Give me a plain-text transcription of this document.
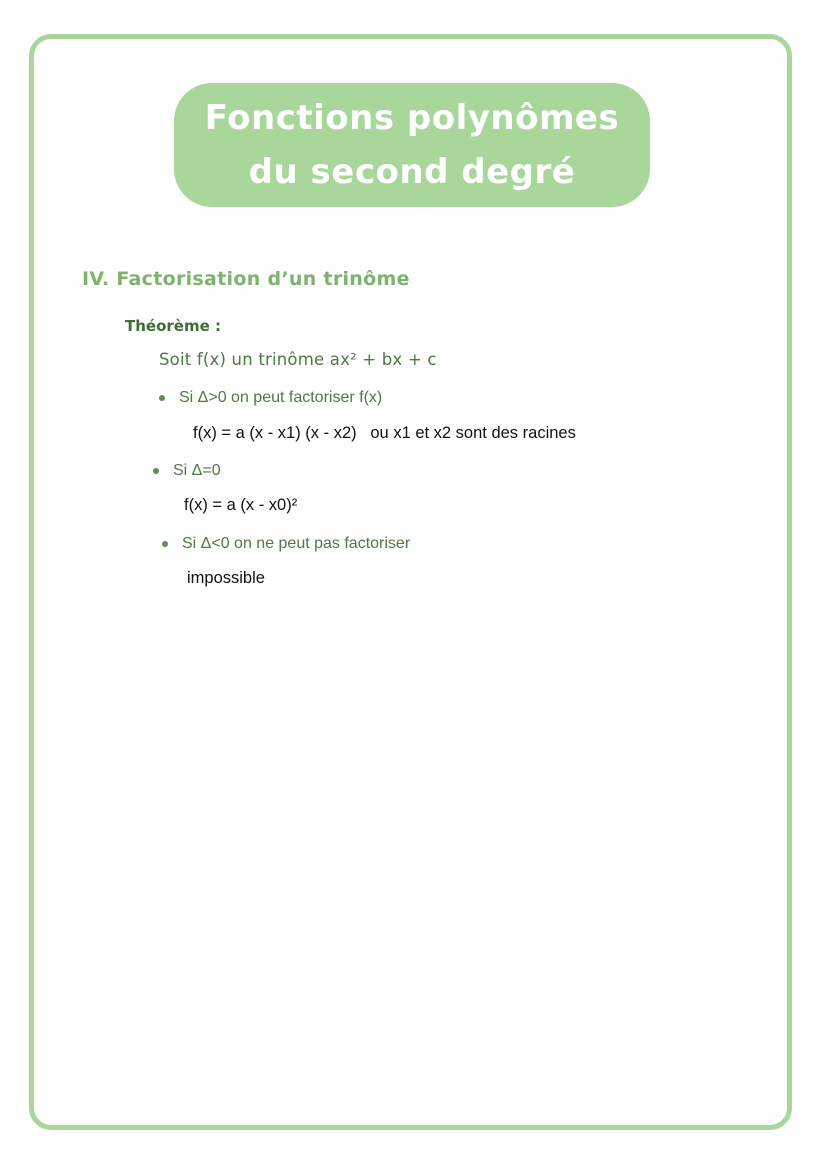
Fonctions polynômes du second degré
IV. Factorisation d’un trinôme

Théorème :

Soit f(x) un trinôme ax² + bx + c

Si Δ>0 on peut factoriser f(x)

f(x) = a (x - x1) (x - x2)   ou x1 et x2 sont des racines

Si Δ=0

f(x) = a (x - x0)²

Si Δ<0 on ne peut pas factoriser

impossible
